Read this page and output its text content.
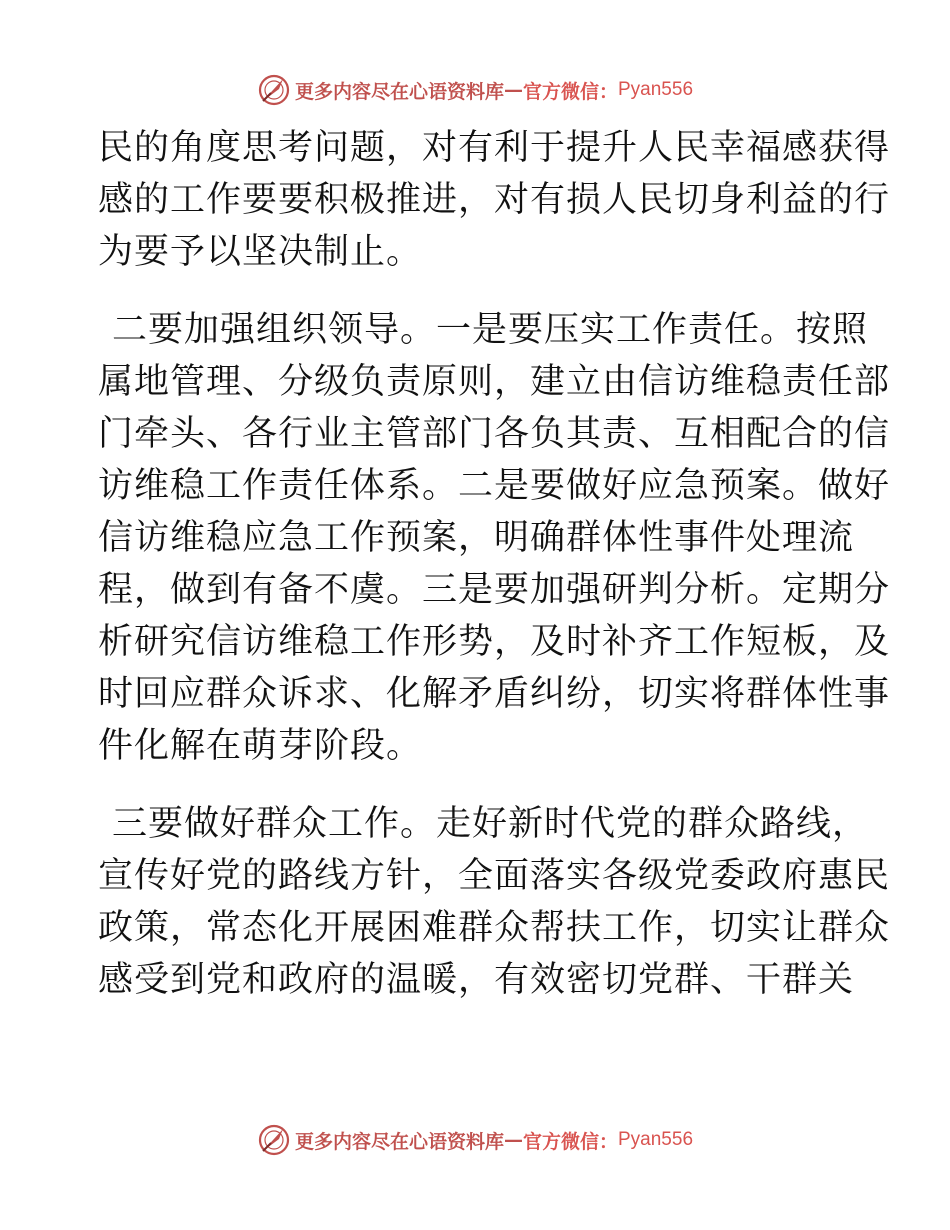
更多内容尽在心语资料库 — 官方微信： Pyan556
民的角度思考问题，对有利于提升人民幸福感获得
感的工作要要积极推进，对有损人民切身利益的行
为要予以坚决制止。
二要加强组织领导。一是要压实工作责任。按照
属地管理、分级负责原则，建立由信访维稳责任部
门牵头、各行业主管部门各负其责、互相配合的信
访维稳工作责任体系。二是要做好应急预案。做好
信访维稳应急工作预案，明确群体性事件处理流
程，做到有备不虞。三是要加强研判分析。定期分
析研究信访维稳工作形势，及时补齐工作短板，及
时回应群众诉求、化解矛盾纠纷，切实将群体性事
件化解在萌芽阶段。
三要做好群众工作。走好新时代党的群众路线，
宣传好党的路线方针，全面落实各级党委政府惠民
政策，常态化开展困难群众帮扶工作，切实让群众
感受到党和政府的温暖，有效密切党群、干群关
更多内容尽在心语资料库 — 官方微信： Pyan556
